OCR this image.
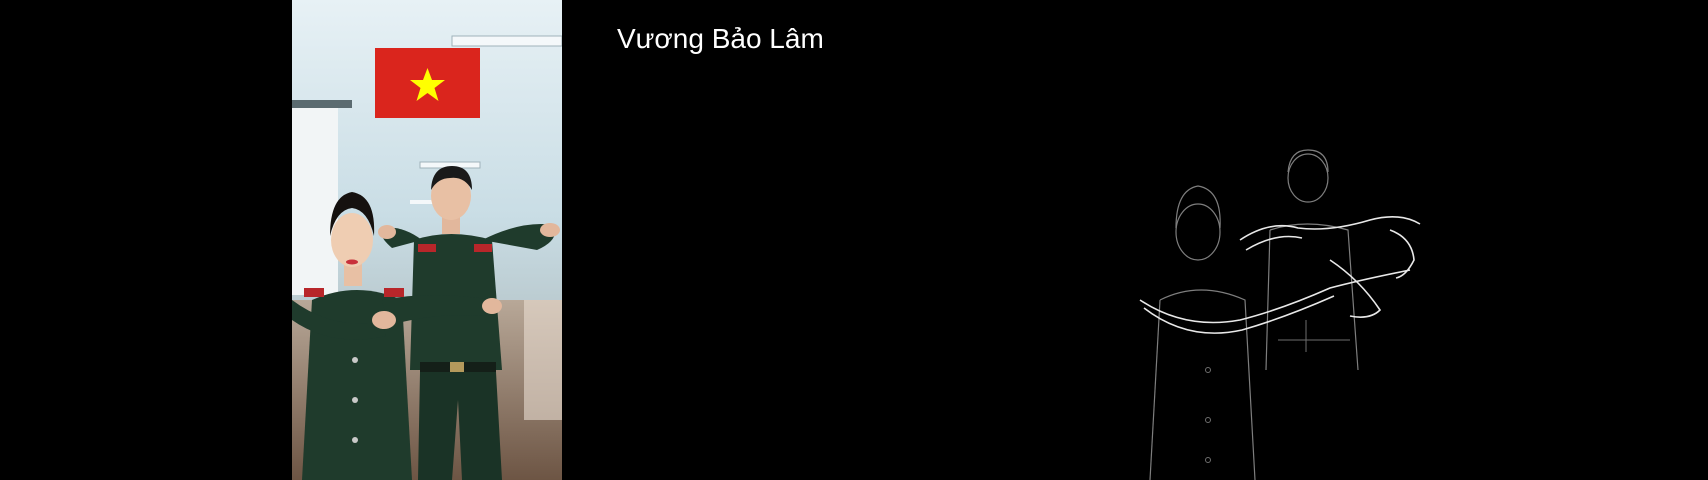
Vương Bảo Lâm
